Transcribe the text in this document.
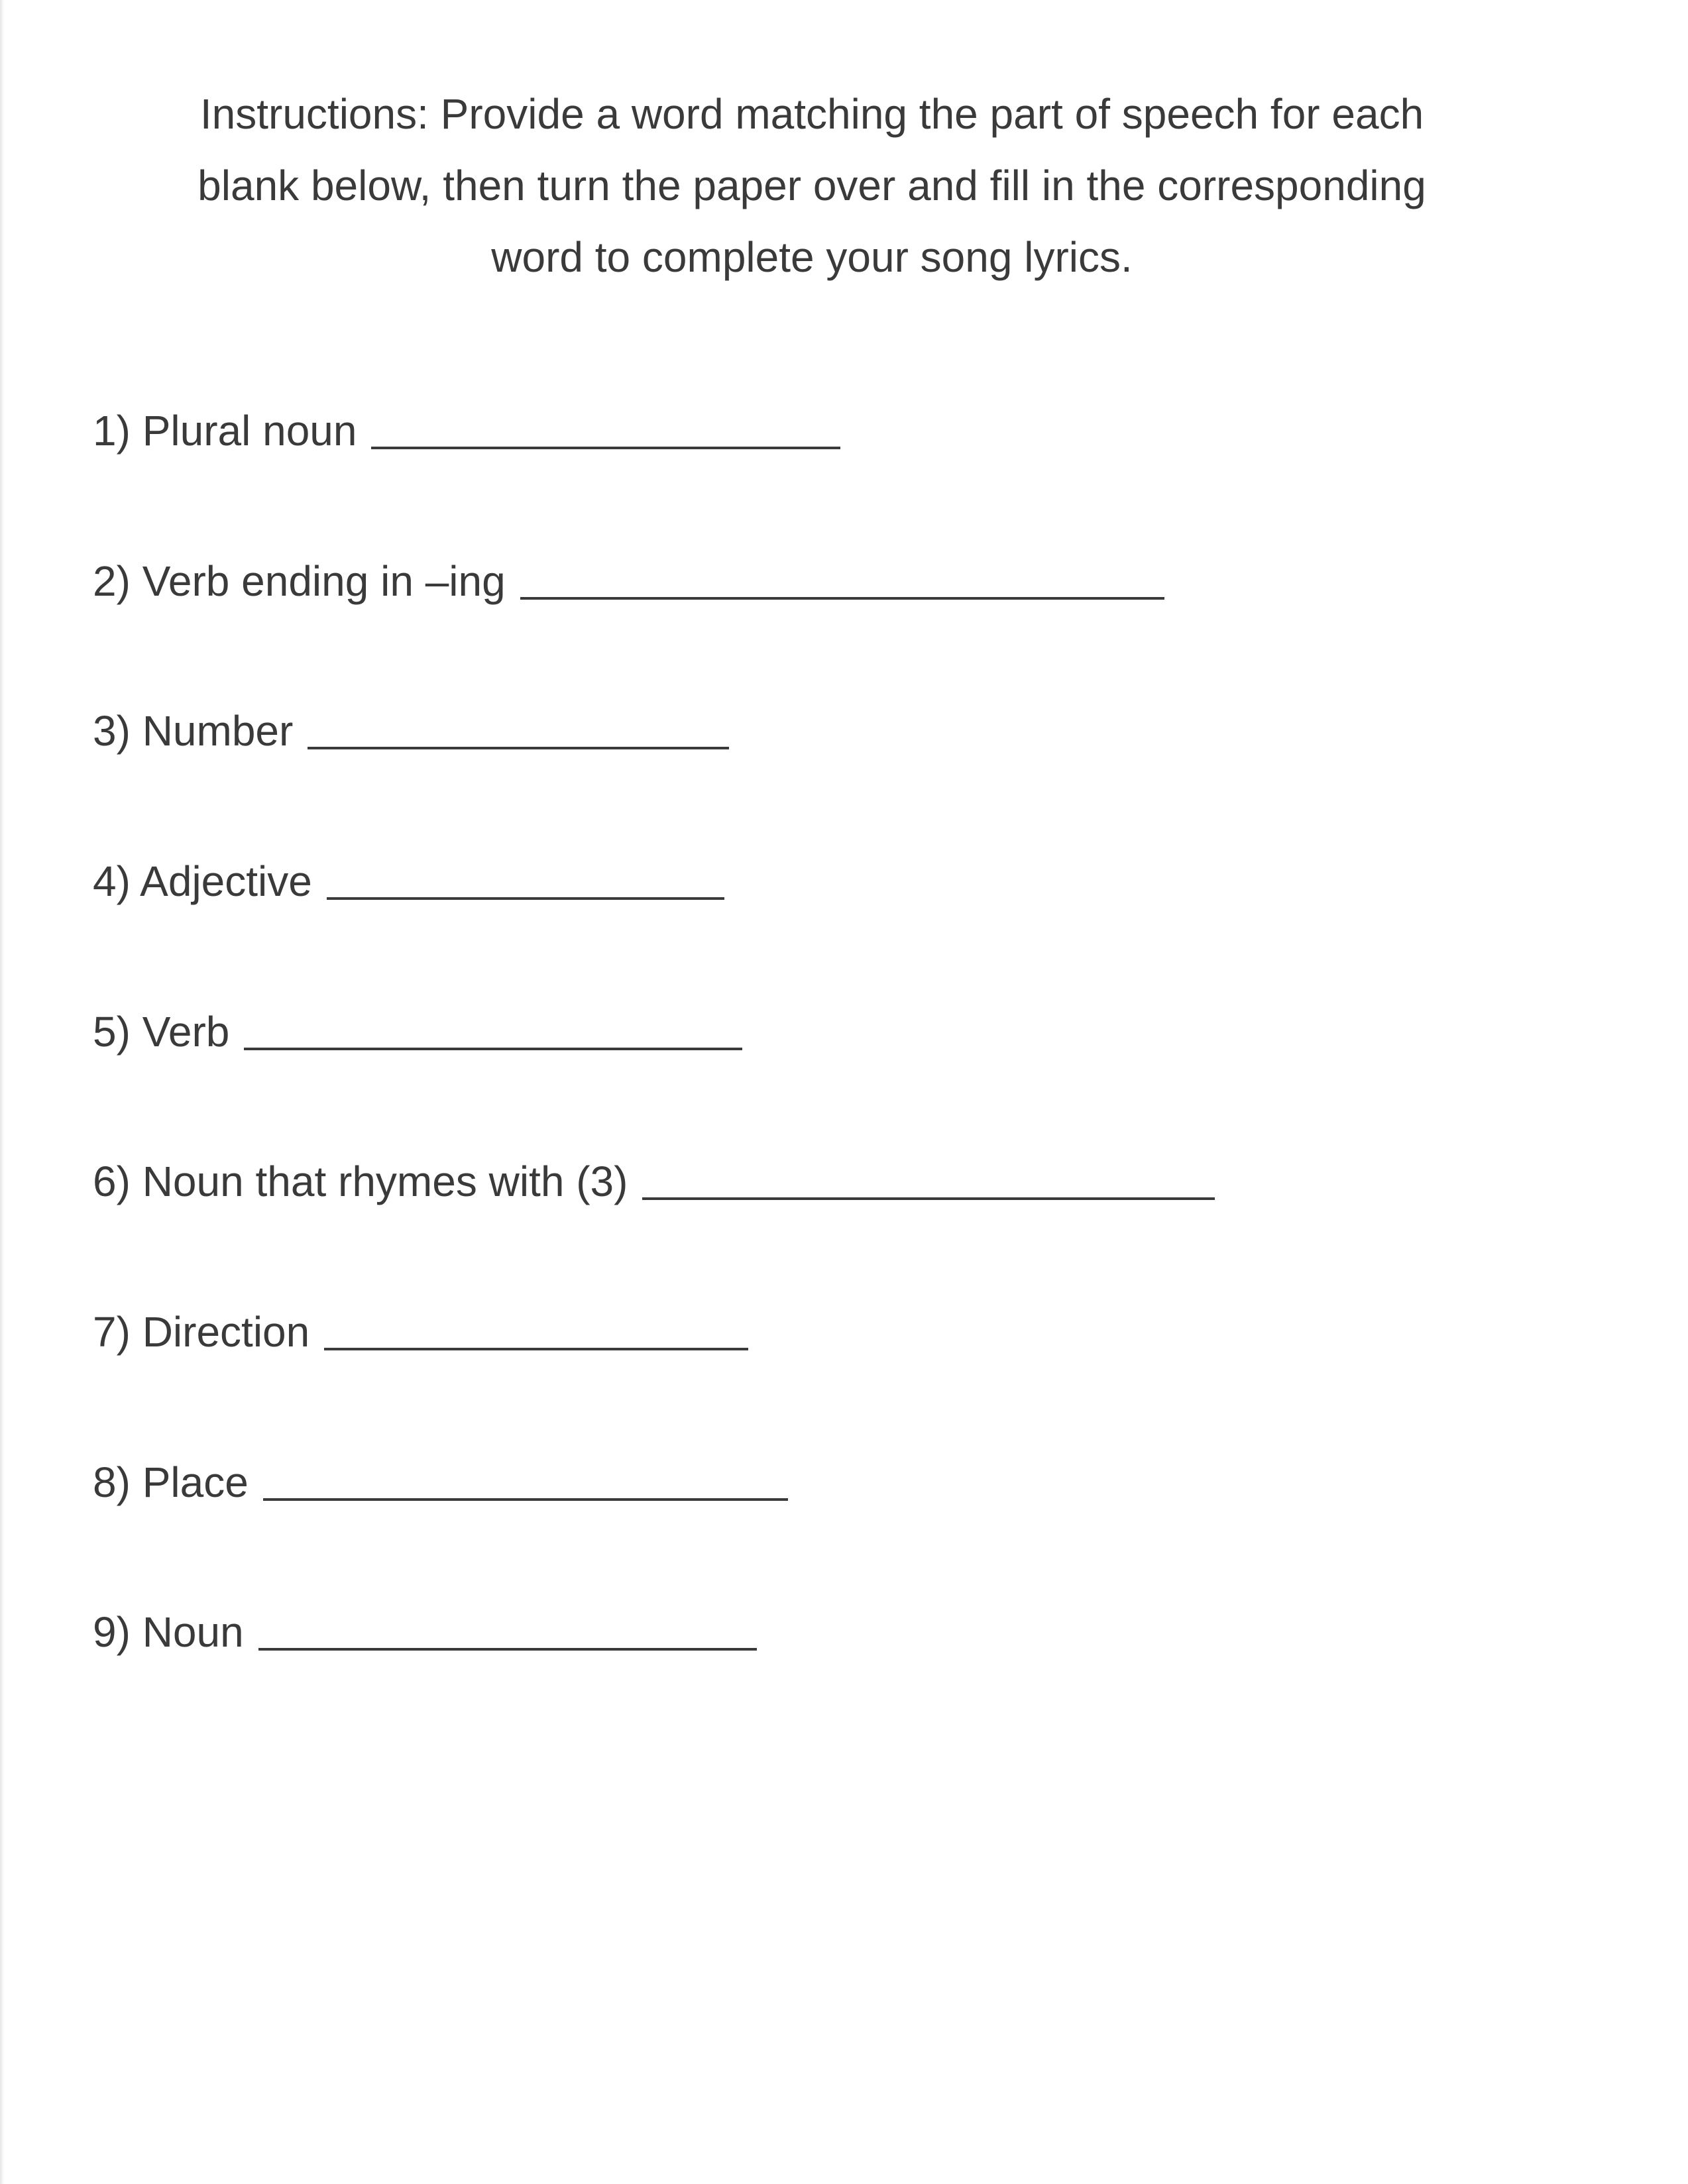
Instructions: Provide a word matching the part of speech for each
blank below, then turn the paper over and fill in the corresponding
word to complete your song lyrics.
1) Plural noun
2) Verb ending in –ing
3) Number
4) Adjective
5) Verb
6) Noun that rhymes with (3)
7) Direction
8) Place
9) Noun
